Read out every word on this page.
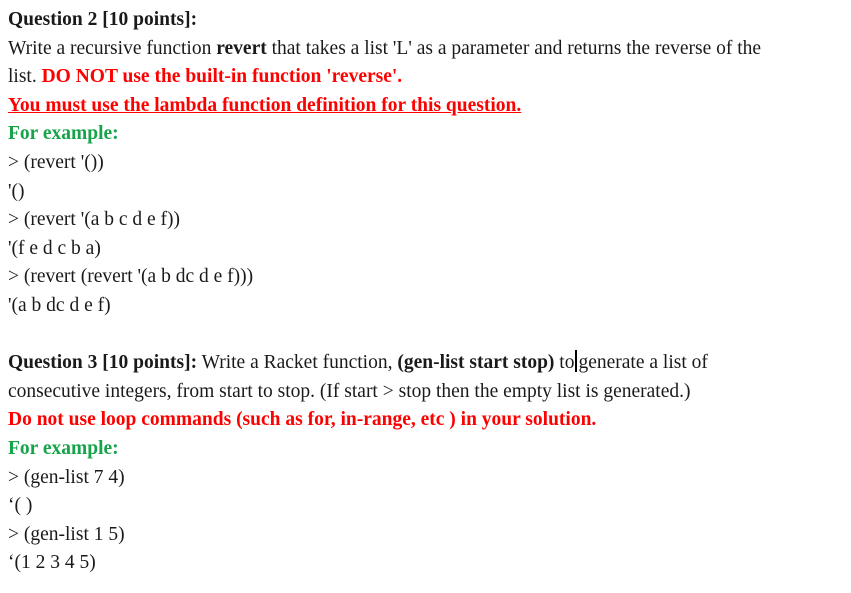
Question 2 [10 points]:
Write a recursive function revert that takes a list 'L' as a parameter and returns the reverse of the
list. DO NOT use the built-in function 'reverse'.
You must use the lambda function definition for this question.
For example:
> (revert '())
'()
> (revert '(a b c d e f))
'(f e d c b a)
> (revert (revert '(a b dc d e f)))
'(a b dc d e f)
Question 3 [10 points]: Write a Racket function, (gen-list start stop) to generate a list of
consecutive integers, from start to stop. (If start > stop then the empty list is generated.)
Do not use loop commands (such as for, in-range, etc ) in your solution.
For example:
> (gen-list 7 4)
‘( )
> (gen-list 1 5)
‘(1 2 3 4 5)
